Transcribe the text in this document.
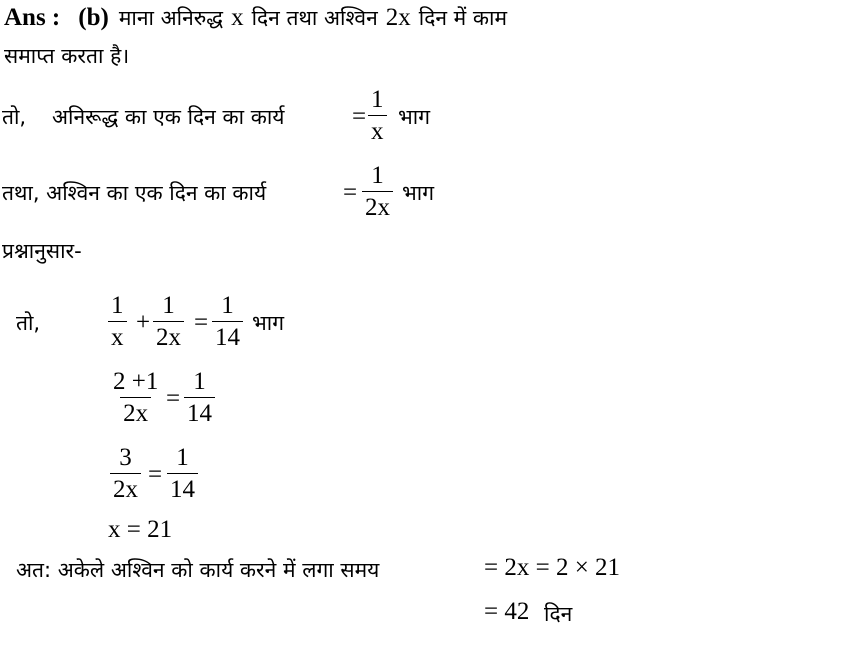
Ans : (b) माना अनिरुद्ध x दिन तथा अश्विन 2x दिन में काम
समाप्त करता है।
तो, अनिरूद्ध का एक दिन का कार्य	= $\frac{1}{x}$ भाग
तथा, अश्विन का एक दिन का कार्य	= $\frac{1}{2x}$ भाग
प्रश्नानुसार-
तो,	$\frac{1}{x} + \frac{1}{2x} = \frac{1}{14}$ भाग
$\frac{2 +1}{2x} = \frac{1}{14}$
$\frac{3}{2x} = \frac{1}{14}$
x = 21
अत: अकेले अश्विन को कार्य करने में लगा समय	= 2x = 2 × 21
= 42 दिन
